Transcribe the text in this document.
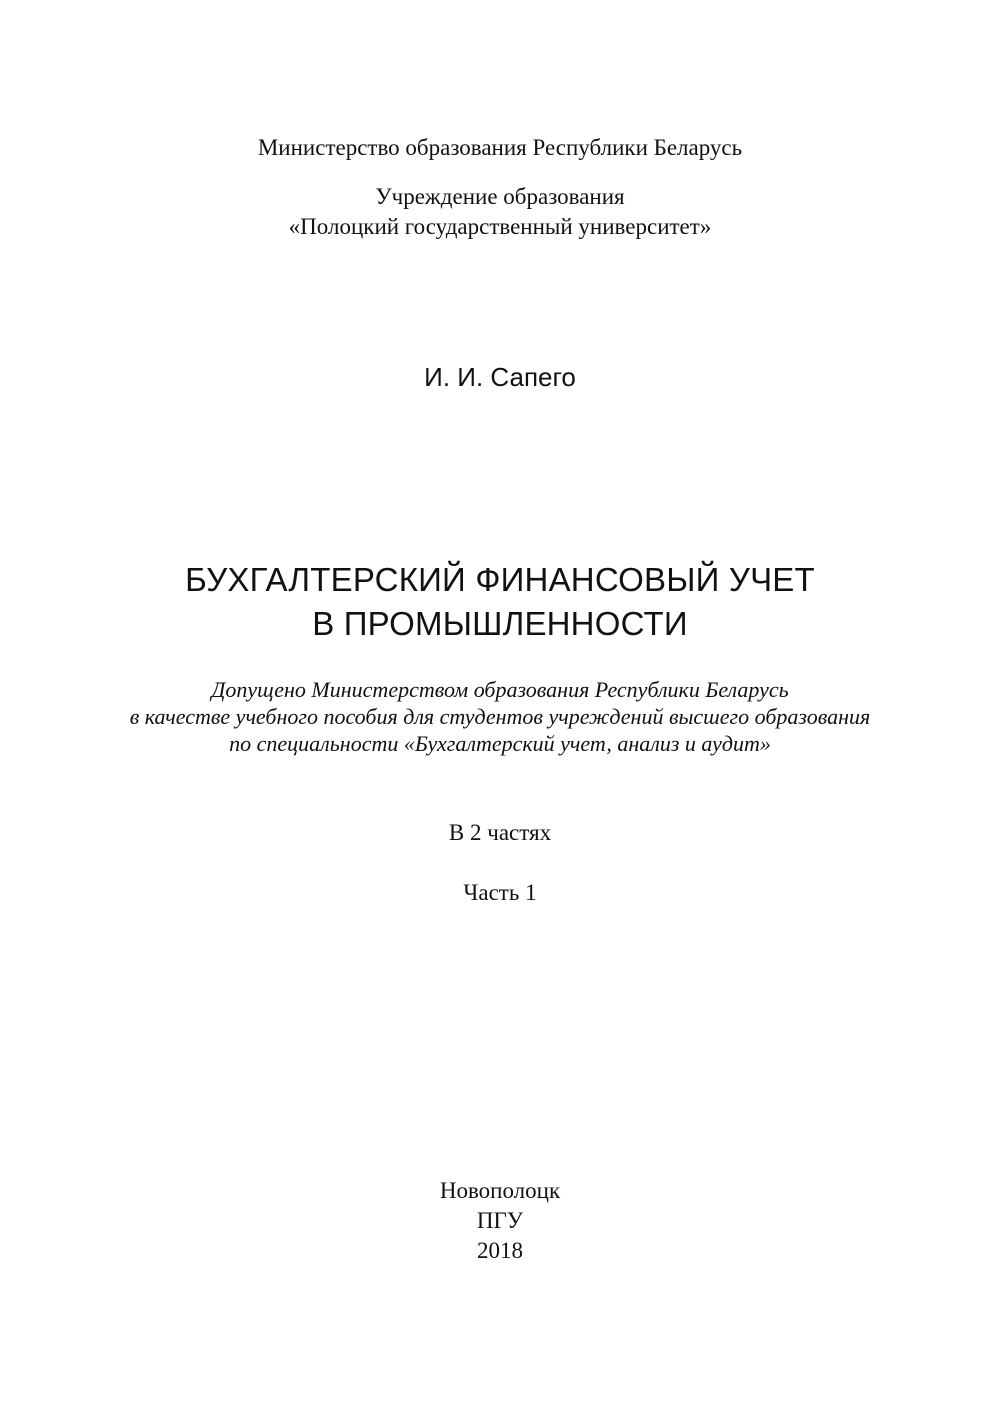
Министерство образования Республики Беларусь

Учреждение образования

«Полоцкий государственный университет»

И. И. Сапего

БУХГАЛТЕРСКИЙ ФИНАНСОВЫЙ УЧЕТ

В ПРОМЫШЛЕННОСТИ

Допущено Министерством образования Республики Беларусь

в качестве учебного пособия для студентов учреждений высшего образования

по специальности «Бухгалтерский учет, анализ и аудит»

В 2 частях

Часть 1

Новополоцк

ПГУ

2018
